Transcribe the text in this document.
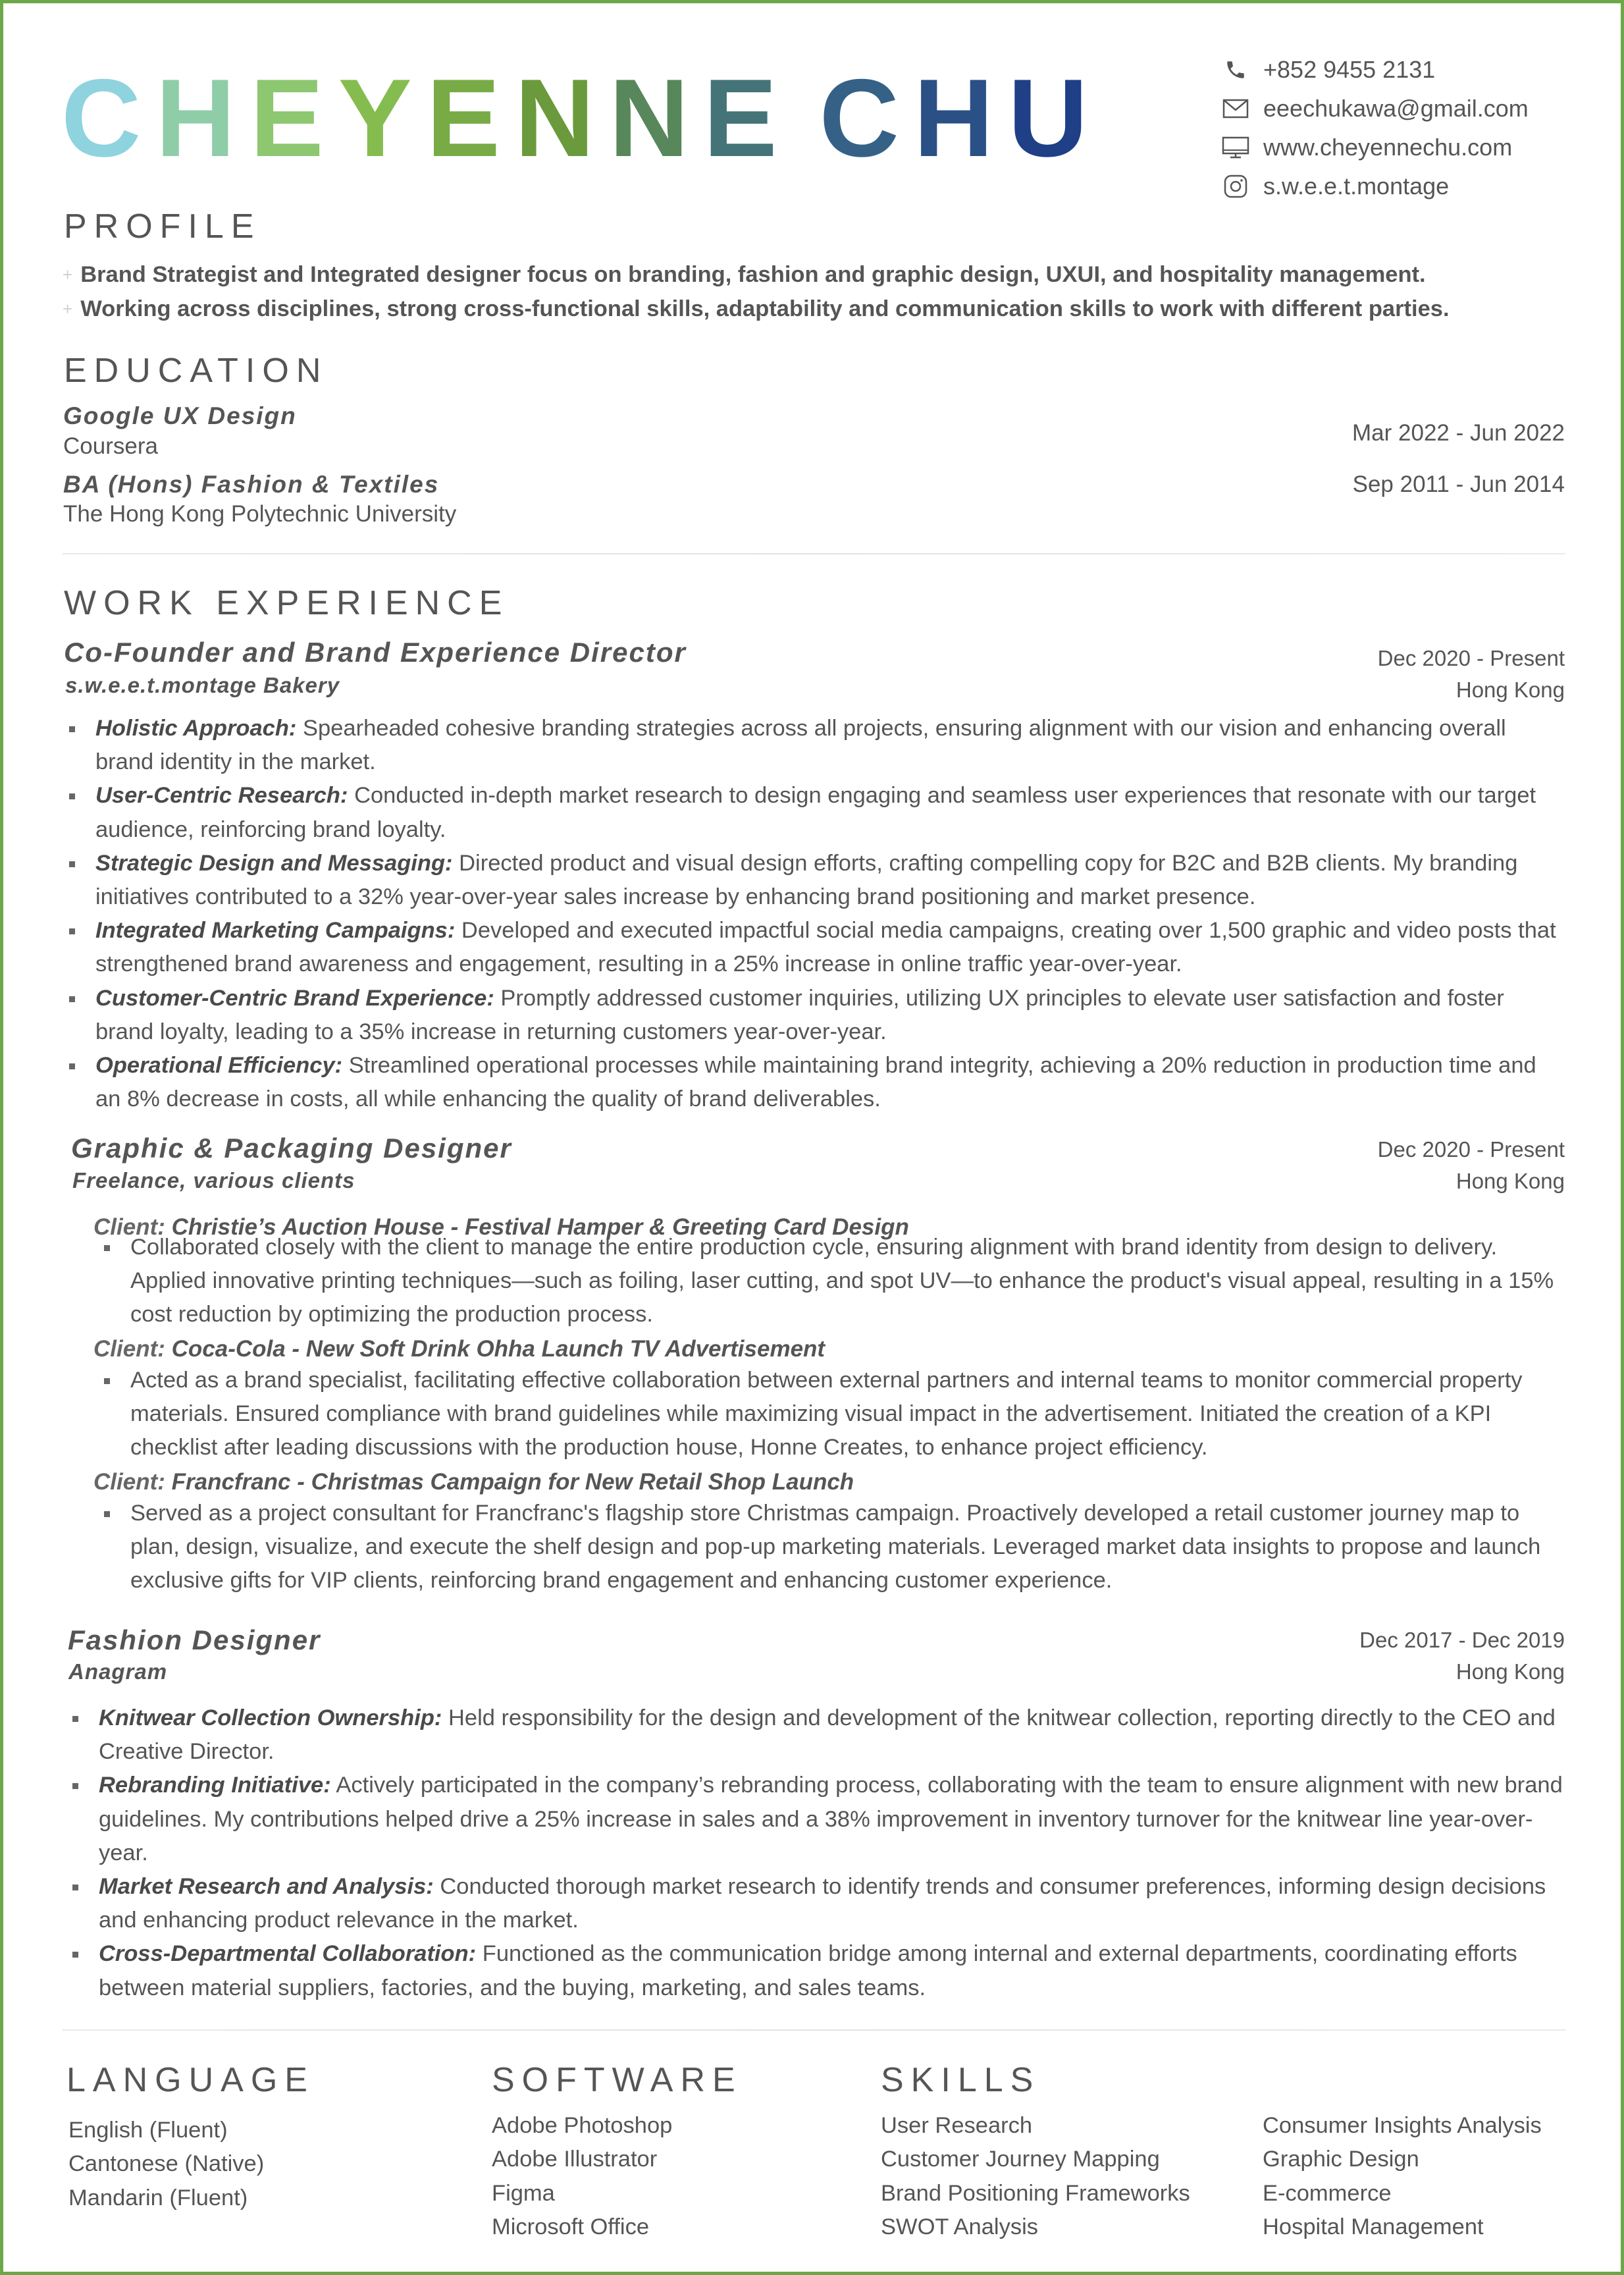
CHEYENNE CHU	+852 9455 2131
eeechukawa@gmail.com
www.cheyennechu.com
s.w.e.e.t.montage
PROFILE
+ Brand Strategist and Integrated designer focus on branding, fashion and graphic design, UXUI, and hospitality management.
+ Working across disciplines, strong cross-functional skills, adaptability and communication skills to work with different parties.
EDUCATION
Google UX Design
Coursera
Mar 2022 - Jun 2022
BA (Hons) Fashion & Textiles
The Hong Kong Polytechnic University
Sep 2011 - Jun 2014
WORK EXPERIENCE
Co-Founder and Brand Experience Director
s.w.e.e.t.montage Bakery
Dec 2020 - Present
Hong Kong
Holistic Approach: Spearheaded cohesive branding strategies across all projects, ensuring alignment with our vision and enhancing overall brand identity in the market.
User-Centric Research: Conducted in-depth market research to design engaging and seamless user experiences that resonate with our target audience, reinforcing brand loyalty.
Strategic Design and Messaging: Directed product and visual design efforts, crafting compelling copy for B2C and B2B clients. My branding initiatives contributed to a 32% year-over-year sales increase by enhancing brand positioning and market presence.
Integrated Marketing Campaigns: Developed and executed impactful social media campaigns, creating over 1,500 graphic and video posts that strengthened brand awareness and engagement, resulting in a 25% increase in online traffic year-over-year.
Customer-Centric Brand Experience: Promptly addressed customer inquiries, utilizing UX principles to elevate user satisfaction and foster brand loyalty, leading to a 35% increase in returning customers year-over-year.
Operational Efficiency: Streamlined operational processes while maintaining brand integrity, achieving a 20% reduction in production time and an 8% decrease in costs, all while enhancing the quality of brand deliverables.
Graphic & Packaging Designer
Freelance, various clients
Dec 2020 - Present
Hong Kong
Client: Christie’s Auction House - Festival Hamper & Greeting Card Design
Collaborated closely with the client to manage the entire production cycle, ensuring alignment with brand identity from design to delivery. Applied innovative printing techniques—such as foiling, laser cutting, and spot UV—to enhance the product's visual appeal, resulting in a 15% cost reduction by optimizing the production process.
Client: Coca-Cola - New Soft Drink Ohha Launch TV Advertisement
Acted as a brand specialist, facilitating effective collaboration between external partners and internal teams to monitor commercial property materials. Ensured compliance with brand guidelines while maximizing visual impact in the advertisement. Initiated the creation of a KPI checklist after leading discussions with the production house, Honne Creates, to enhance project efficiency.
Client: Francfranc - Christmas Campaign for New Retail Shop Launch
Served as a project consultant for Francfranc's flagship store Christmas campaign. Proactively developed a retail customer journey map to plan, design, visualize, and execute the shelf design and pop-up marketing materials. Leveraged market data insights to propose and launch exclusive gifts for VIP clients, reinforcing brand engagement and enhancing customer experience.
Fashion Designer
Anagram
Dec 2017 - Dec 2019
Hong Kong
Knitwear Collection Ownership: Held responsibility for the design and development of the knitwear collection, reporting directly to the CEO and Creative Director.
Rebranding Initiative: Actively participated in the company’s rebranding process, collaborating with the team to ensure alignment with new brand guidelines. My contributions helped drive a 25% increase in sales and a 38% improvement in inventory turnover for the knitwear line year-over-year.
Market Research and Analysis: Conducted thorough market research to identify trends and consumer preferences, informing design decisions and enhancing product relevance in the market.
Cross-Departmental Collaboration: Functioned as the communication bridge among internal and external departments, coordinating efforts between material suppliers, factories, and the buying, marketing, and sales teams.
LANGUAGE
English (Fluent)
Cantonese (Native)
Mandarin (Fluent)
SOFTWARE
Adobe Photoshop
Adobe Illustrator
Figma
Microsoft Office
SKILLS
User Research
Customer Journey Mapping
Brand Positioning Frameworks
SWOT Analysis
Consumer Insights Analysis
Graphic Design
E-commerce
Hospital Management
